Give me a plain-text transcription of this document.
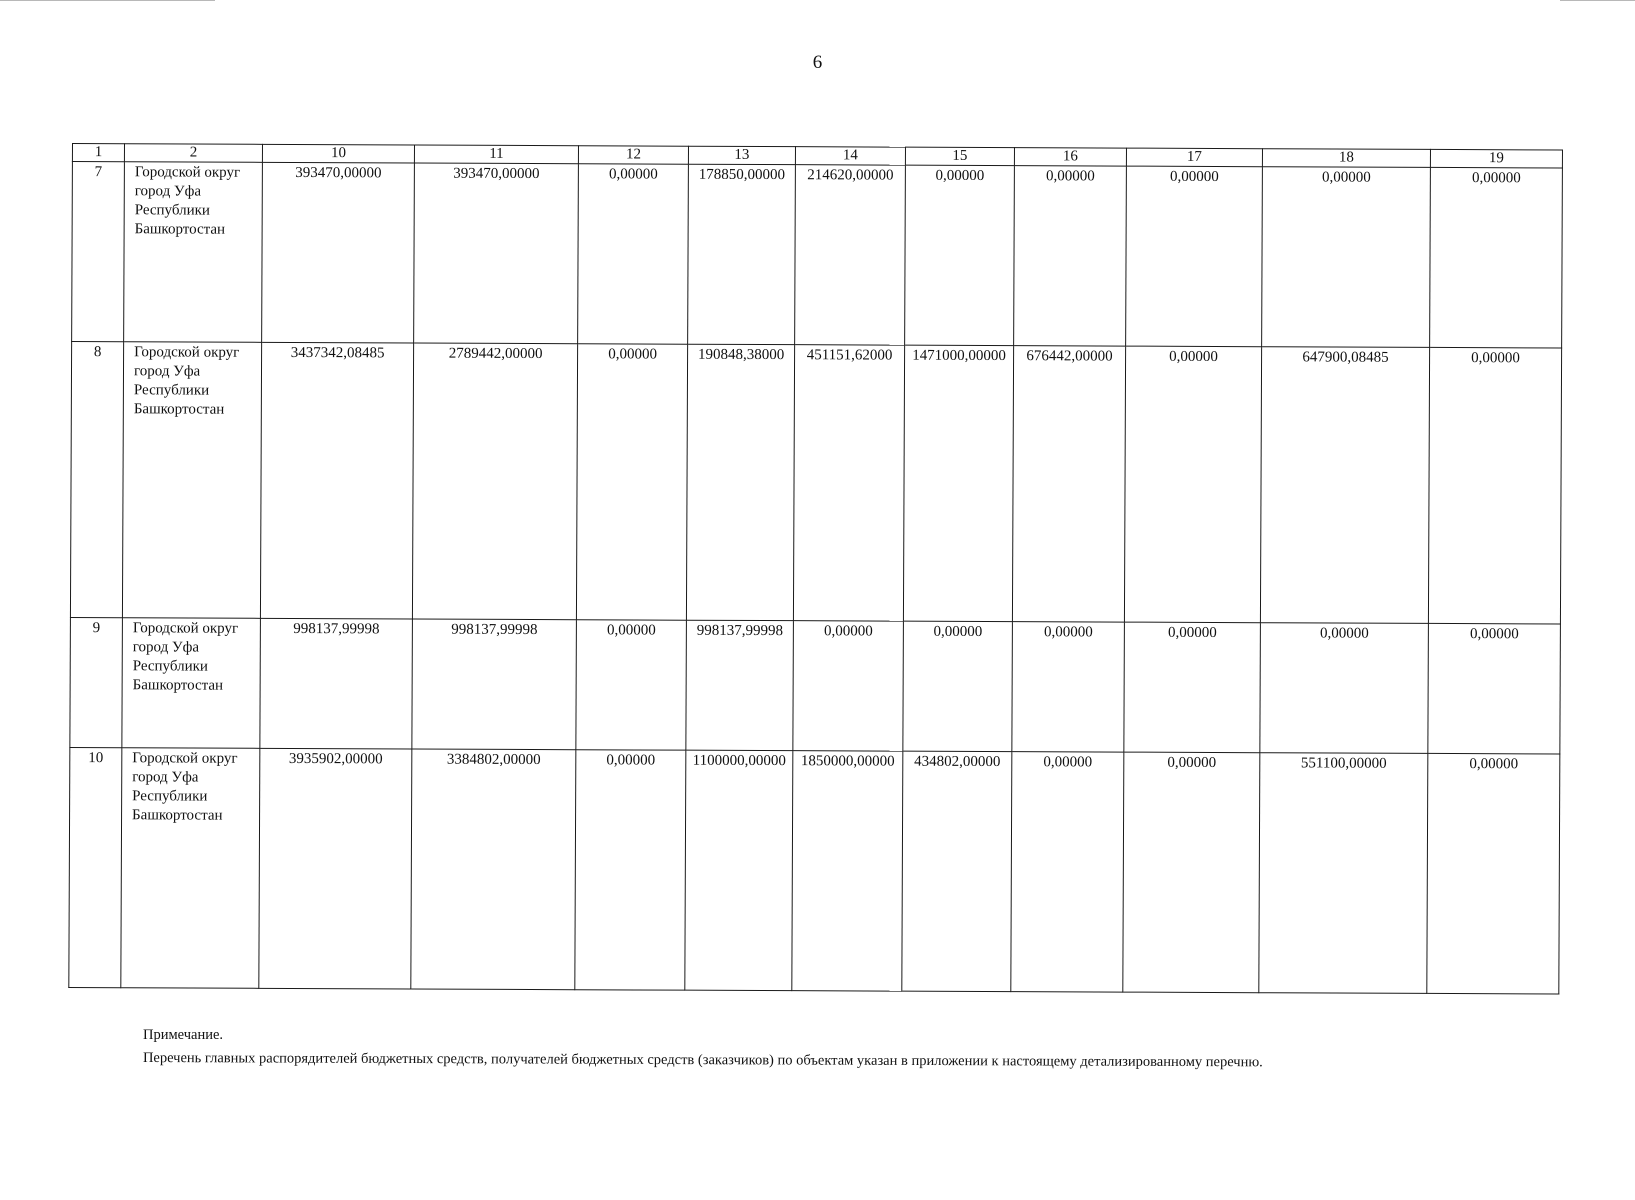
6
1	2	10	11	12	13	14	15	16	17	18	19
7	Городской округ город Уфа Республики Башкортостан	393470,00000	393470,00000	0,00000	178850,00000	214620,00000	0,00000	0,00000	0,00000	0,00000	0,00000
8	Городской округ город Уфа Республики Башкортостан	3437342,08485	2789442,00000	0,00000	190848,38000	451151,62000	1471000,00000	676442,00000	0,00000	647900,08485	0,00000
9	Городской округ город Уфа Республики Башкортостан	998137,99998	998137,99998	0,00000	998137,99998	0,00000	0,00000	0,00000	0,00000	0,00000	0,00000
10	Городской округ город Уфа Республики Башкортостан	3935902,00000	3384802,00000	0,00000	1100000,00000	1850000,00000	434802,00000	0,00000	0,00000	551100,00000	0,00000
Примечание.
Перечень главных распорядителей бюджетных средств, получателей бюджетных средств (заказчиков) по объектам указан в приложении к настоящему детализированному перечню.
